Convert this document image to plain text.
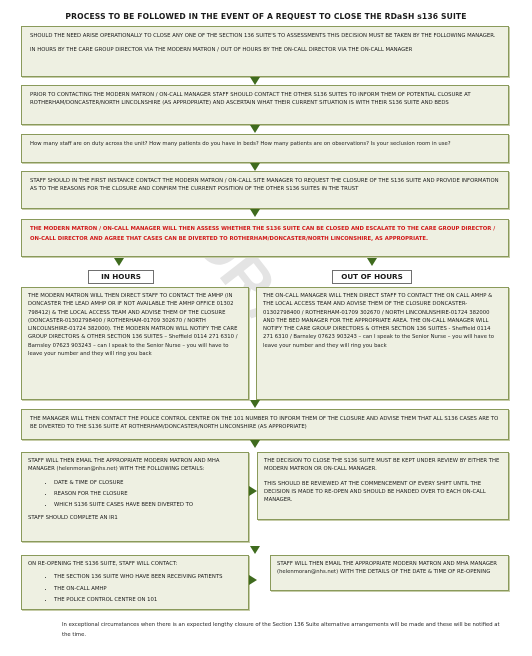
PROCESS TO BE FOLLOWED IN THE EVENT OF A REQUEST TO CLOSE THE RDaSH s136 SUITE

SHOULD THE NEED ARISE OPERATIONALLY TO CLOSE ANY ONE OF THE SECTION 136 SUITE'S TO ASSESSMENTS THIS DECISION MUST BE TAKEN BY THE FOLLOWING MANAGER.

IN HOURS BY THE CARE GROUP DIRECTOR VIA THE MODERN MATRON / OUT OF HOURS BY THE ON-CALL DIRECTOR VIA THE ON-CALL MANAGER

PRIOR TO CONTACTING THE MODERN MATRON / ON-CALL MANAGER STAFF SHOULD CONTACT THE OTHER S136 SUITES TO INFORM THEM OF POTENTIAL CLOSURE AT ROTHERHAM/DONCASTER/NORTH LINCOLNSHIRE (AS APPROPRIATE) AND ASCERTAIN WHAT THEIR CURRENT SITUATION IS WITH THEIR S136 SUITE AND BEDS

How many staff are on duty across the unit? How many patients do you have in beds? How many patients are on observations? Is your seclusion room in use?

STAFF SHOULD IN THE FIRST INSTANCE CONTACT THE MODERN MATRON / ON-CALL SITE MANAGER TO REQUEST THE CLOSURE OF THE S136 SUITE AND PROVIDE INFORMATION AS TO THE REASONS FOR THE CLOSURE AND CONFIRM THE CURRENT POSITION OF THE OTHER S136 SUITES IN THE TRUST

THE MODERN MATRON / ON-CALL MANAGER WILL THEN ASSESS WHETHER THE S136 SUITE CAN BE CLOSED AND ESCALATE TO THE CARE GROUP DIRECTOR / ON-CALL DIRECTOR AND AGREE THAT CASES CAN BE DIVERTED TO ROTHERHAM/DONCASTER/NORTH LINCONSHIRE, AS APPROPRIATE.

IN HOURS	OUT OF HOURS

THE MODERN MATRON WILL THEN DIRECT STAFF TO CONTACT THE AMHP (IN DONCASTER THE LEAD AMHP OR IF NOT AVAILABLE THE AMHP OFFICE 01302 798412) & THE LOCAL ACCESS TEAM AND ADVISE THEM OF THE CLOSURE (DONCASTER-01302798400 / ROTHERHAM-01709 302670 / NORTH LINCOLNSHIRE-01724 382000). THE MODERN MATRON WILL NOTIFY THE CARE GROUP DIRECTORS & OTHER SECTION 136 SUITES – Sheffield 0114 271 6310 / Barnsley 07623 903243 – can I speak to the Senior Nurse – you will have to leave your number and they will ring you back

THE ON-CALL MANAGER WILL THEN DIRECT STAFF TO CONTACT THE ON CALL AMHP & THE LOCAL ACCESS TEAM AND ADVISE THEM OF THE CLOSURE DONCASTER-01302798400 / ROTHERHAM-01709 302670 / NORTH LINCONLNSHIRE-01724 382000 AND THE BED MANAGER FOR THE APPROPRIATE AREA. THE ON-CALL MANAGER WILL NOTIFY THE CARE GROUP DIRECTORS & OTHER SECTION 136 SUITES - Sheffield 0114 271 6310 / Barnsley 07623 903243 – can I speak to the Senior Nurse – you will have to leave your number and they will ring you back

THE MANAGER WILL THEN CONTACT THE POLICE CONTROL CENTRE ON THE 101 NUMBER TO INFORM THEM OF THE CLOSURE AND ADVISE THEM THAT ALL S136 CASES ARE TO BE DIVERTED TO THE S136 SUITE AT ROTHERHAM/DONCASTER/NORTH LINCONSHIRE (AS APPROPRIATE)

STAFF WILL THEN EMAIL THE APPROPRIATE MODERN MATRON AND MHA MANAGER (helenmoran@nhs.net) WITH THE FOLLOWING DETAILS:

• DATE & TIME OF CLOSURE
• REASON FOR THE CLOSURE
• WHICH S136 SUITE CASES HAVE BEEN DIVERTED TO

STAFF SHOULD COMPLETE AN IR1

THE DECISION TO CLOSE THE S136 SUITE MUST BE KEPT UNDER REVIEW BY EITHER THE MODERN MATRON OR ON-CALL MANAGER.

THIS SHOULD BE REVIEWED AT THE COMMENCEMENT OF EVERY SHIFT UNTIL THE DECISION IS MADE TO RE-OPEN AND SHOULD BE HANDED OVER TO EACH ON-CALL MANAGER.

ON RE-OPENING THE S136 SUITE, STAFF WILL CONTACT:

• THE SECTION 136 SUITE WHO HAVE BEEN RECEIVING PATIENTS
• THE ON-CALL AMHP
• THE POLICE CONTROL CENTRE ON 101

STAFF WILL THEN EMAIL THE APPROPRIATE MODERN MATRON AND MHA MANAGER (helenmoran@nhs.net) WITH THE DETAILS OF THE DATE & TIME OF RE-OPENING

In exceptional circumstances when there is an expected lengthy closure of the Section 136 Suite alternative arrangements will be made and these will be notified at the time.
